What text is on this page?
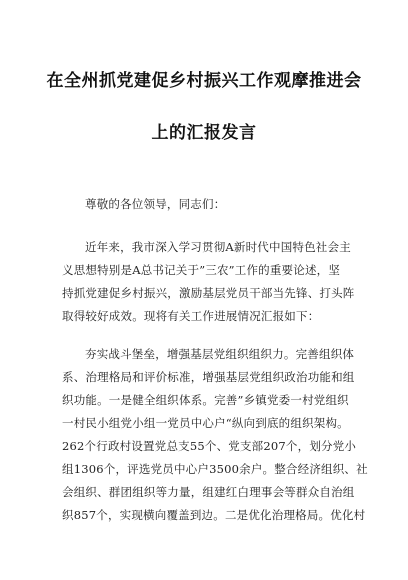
在全州抓党建促乡村振兴工作观摩推进会
上的汇报发言
尊敬的各位领导，同志们：
近年来，我市深入学习贯彻A新时代中国特色社会主
义思想特别是A总书记关于”三农”工作的重要论述，坚
持抓党建促乡村振兴，激励基层党员干部当先锋、打头阵
取得较好成效。现将有关工作进展情况汇报如下：
夯实战斗堡垒，增强基层党组织组织力。完善组织体
系、治理格局和评价标准，增强基层党组织政治功能和组
织功能。一是健全组织体系。完善”乡镇党委一村党组织
一村民小组党小组一党员中心户“纵向到底的组织架构。
262个行政村设置党总支55个、党支部207个，划分党小
组1306个，评选党员中心户3500余户。整合经济组织、社
会组织、群团组织等力量，组建红白理事会等群众自治组
织857个，实现横向覆盖到边。二是优化治理格局。优化村
